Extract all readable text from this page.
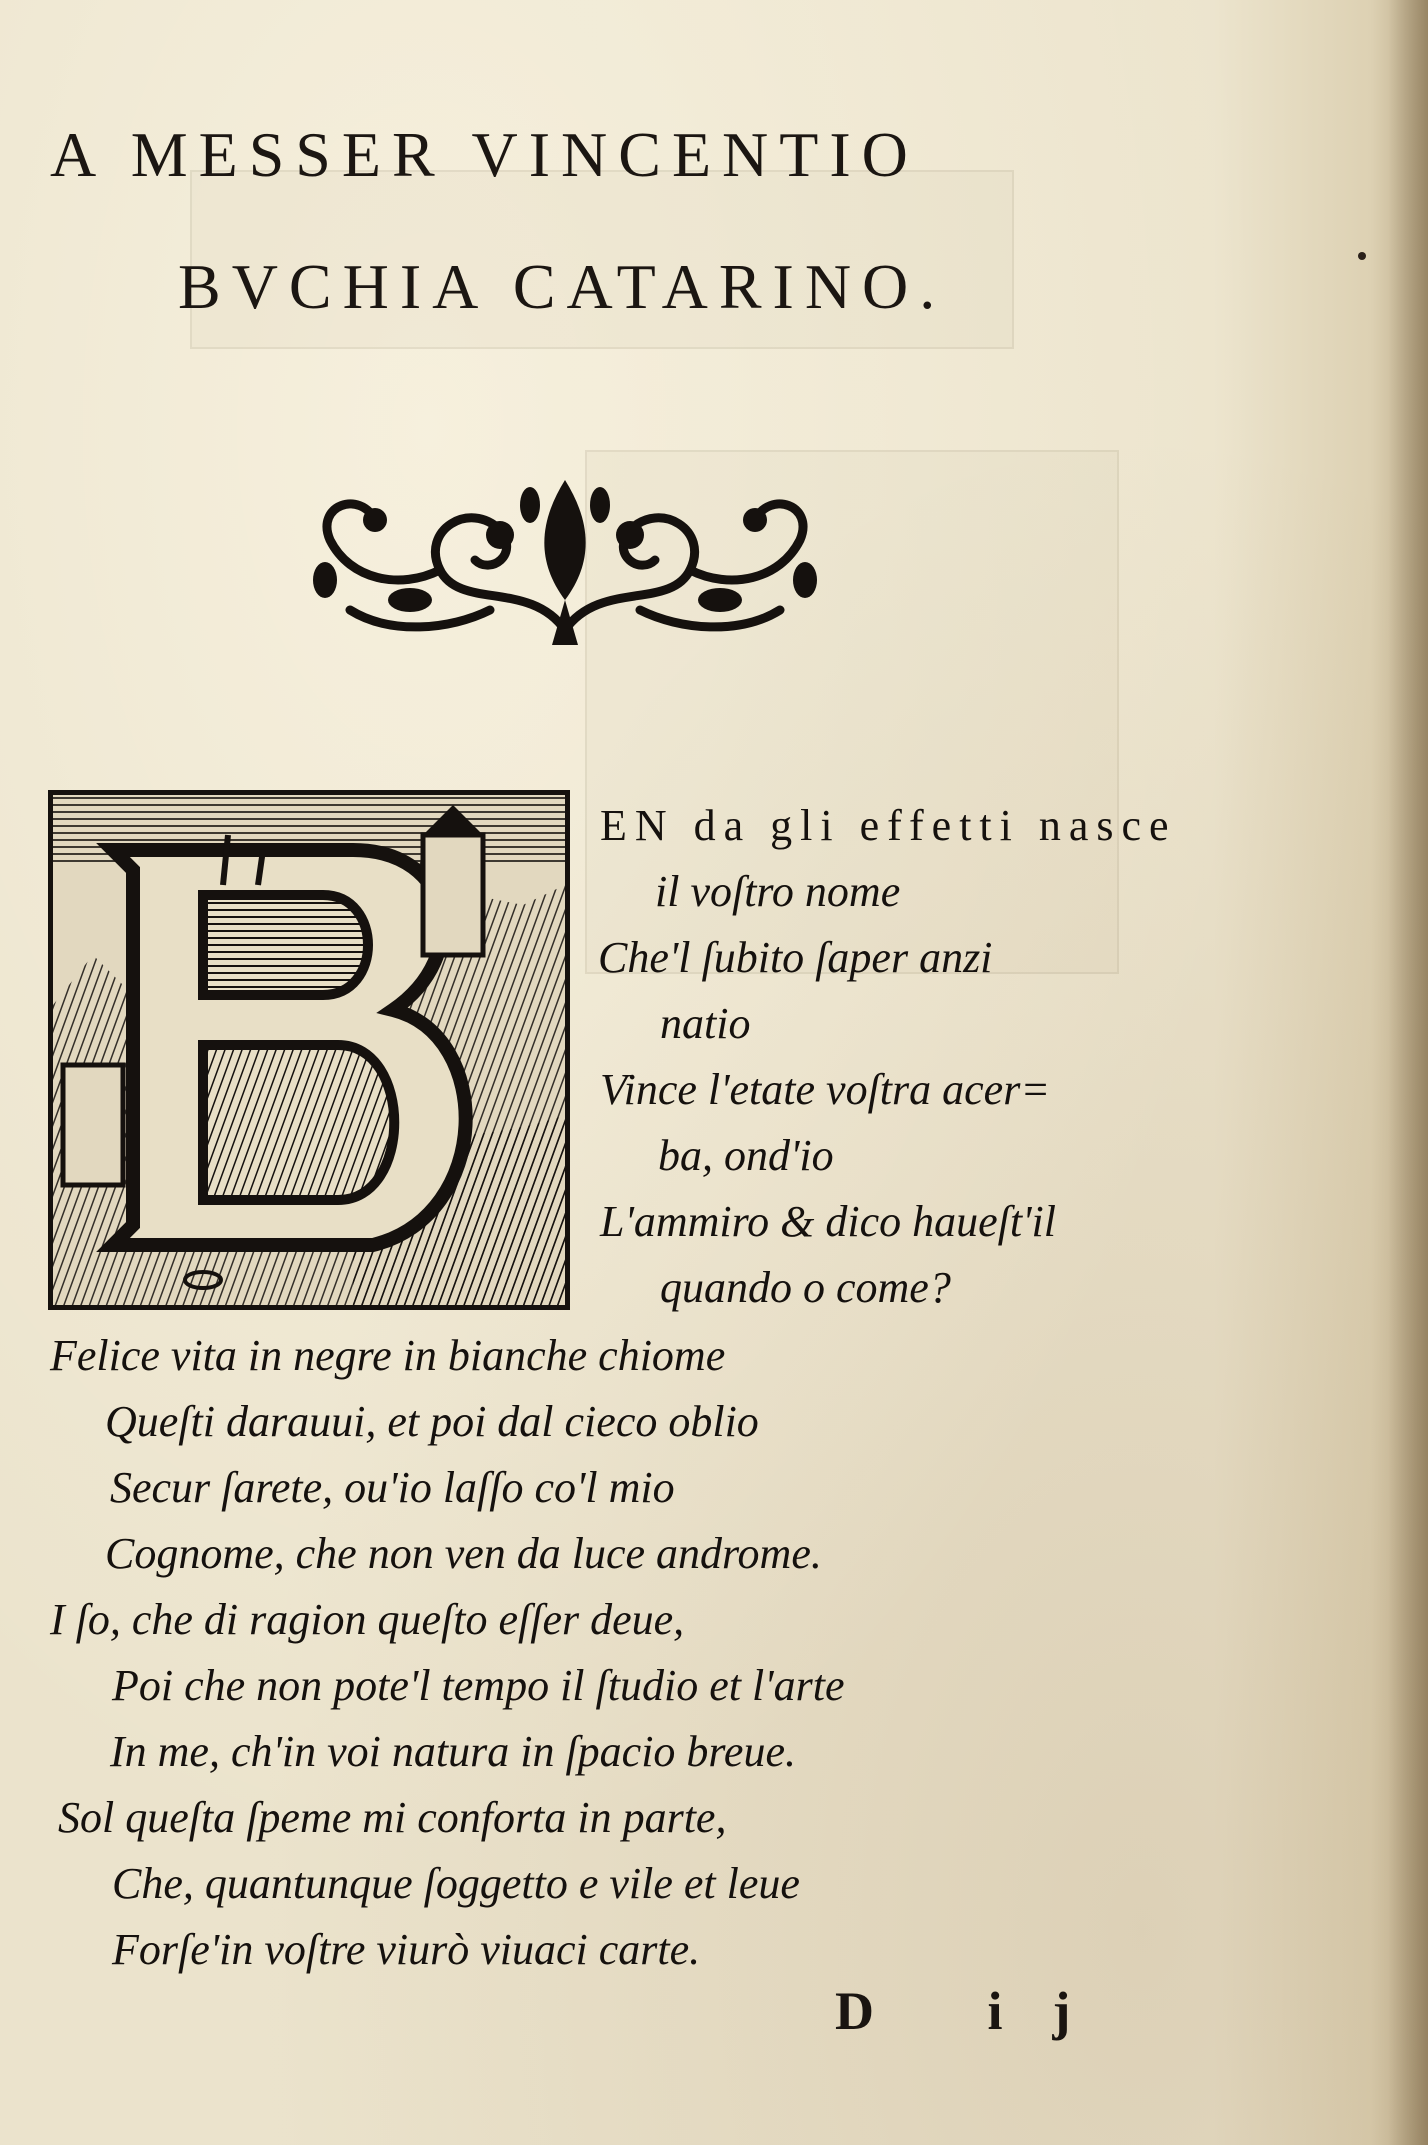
A MESSER VINCENTIO
BVCHIA CATARINO.
EN da gli effetti nasce
il voſtro nome
Che'l ſubito ſaper anzi
natio
Vince l'etate voſtra acer=
ba, ond'io
L'ammiro & dico haueſt'il
quando o come?
Felice vita in negre in bianche chiome
Queſti darauui, et poi dal cieco oblio
Secur ſarete, ou'io laſſo co'l mio
Cognome, che non ven da luce androme.
I ſo, che di ragion queſto eſſer deue,
Poi che non pote'l tempo il ſtudio et l'arte
In me, ch'in voi natura in ſpacio breue.
Sol queſta ſpeme mi conforta in parte,
Che, quantunque ſoggetto e vile et leue
Forſe'in voſtre viurò viuaci carte.
D ij
